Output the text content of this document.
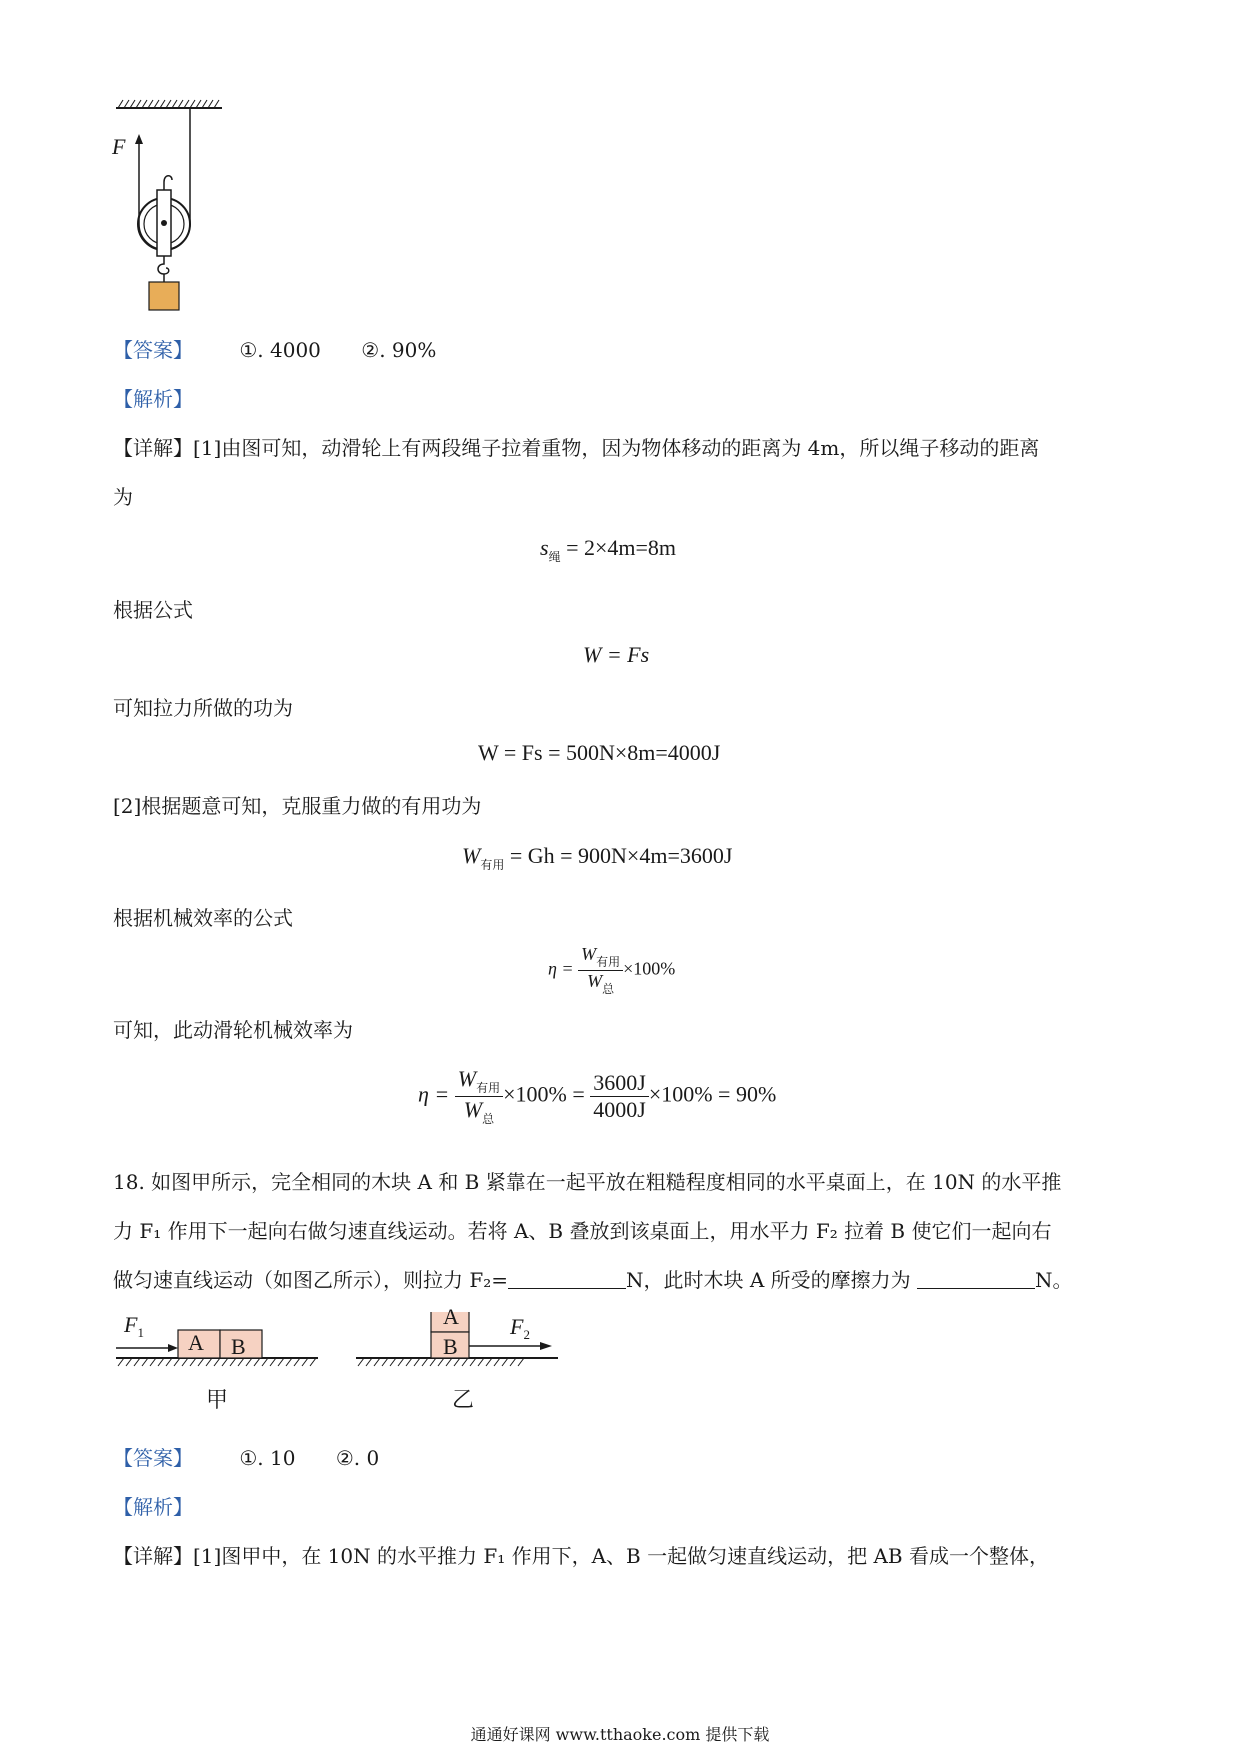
F
【答案】 ①. 4000 ②. 90%
【解析】
【详解】[1]由图可知，动滑轮上有两段绳子拉着重物，因为物体移动的距离为 4m，所以绳子移动的距离
为
$s_绳 = 2\times 4m=8m$
根据公式
W = Fs
可知拉力所做的功为
W = Fs = 500N×8m=4000J
[2]根据题意可知，克服重力做的有用功为
$W_{有用} = Gh = 900N\times 4m=3600J$
根据机械效率的公式
$\eta = \frac{W_{有用}}{W_总} \times 100\%$
可知，此动滑轮机械效率为
$\eta = \frac{W_{有用}}{W_总} \times 100\% = \frac{3600J}{4000J} \times 100\% = 90\%$
18. 如图甲所示，完全相同的木块 A 和 B 紧靠在一起平放在粗糙程度相同的水平桌面上，在 10N 的水平推
力 F₁ 作用下一起向右做匀速直线运动。若将 A、B 叠放到该桌面上，用水平力 F₂ 拉着 B 使它们一起向右
做匀速直线运动（如图乙所示），则拉力 F₂=	N，此时木块 A 所受的摩擦力为	N。
A B
$F_1$
甲
A
B
$F_2$
乙
【答案】 ①. 10 ②. 0
【解析】
【详解】[1]图甲中，在 10N 的水平推力 F₁ 作用下，A、B 一起做匀速直线运动，把 AB 看成一个整体，
通通好课网 www.tthaoke.com 提供下载
